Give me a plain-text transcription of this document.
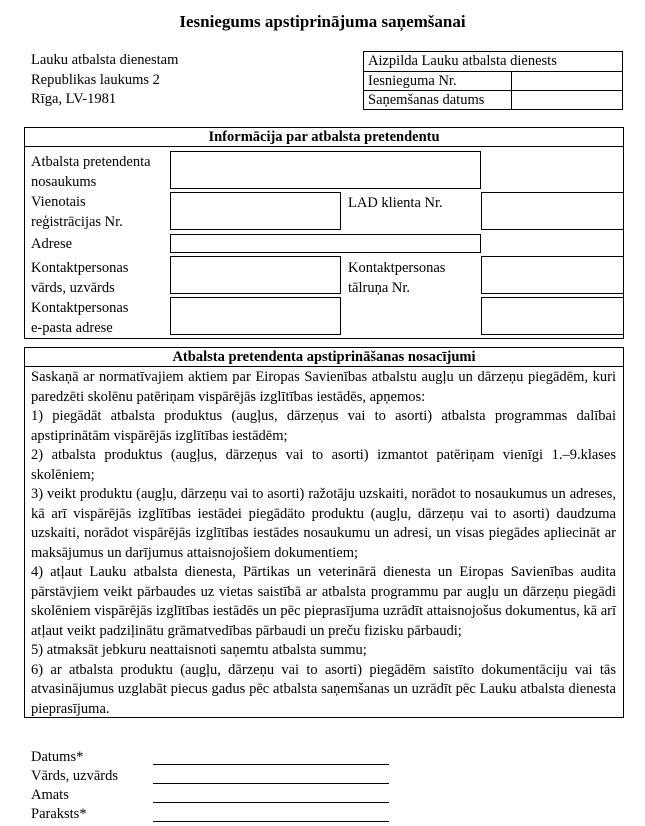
Iesniegums apstiprinājuma saņemšanai
Lauku atbalsta dienestam
Republikas laukums 2
Rīga, LV-1981
Aizpilda Lauku atbalsta dienests
Iesnieguma Nr.
Saņemšanas datums
Informācija par atbalsta pretendentu
Atbalsta pretendenta
nosaukums
Vienotais
reģistrācijas Nr.
LAD klienta Nr.
Adrese
Kontaktpersonas
vārds, uzvārds
Kontaktpersonas
tālruņa Nr.
Kontaktpersonas
e-pasta adrese
Atbalsta pretendenta apstiprināšanas nosacījumi

Saskaņā ar normatīvajiem aktiem par Eiropas Savienības atbalstu augļu un dārzeņu piegādēm, kuri paredzēti skolēnu patēriņam vispārējās izglītības iestādēs, apņemos:

1) piegādāt atbalsta produktus (augļus, dārzeņus vai to asorti) atbalsta programmas dalībai apstiprinātām vispārējās izglītības iestādēm;

2) atbalsta produktus (augļus, dārzeņus vai to asorti) izmantot patēriņam vienīgi 1.–9.klases skolēniem;

3) veikt produktu (augļu, dārzeņu vai to asorti) ražotāju uzskaiti, norādot to nosaukumus un adreses, kā arī vispārējās izglītības iestādei piegādāto produktu (augļu, dārzeņu vai to asorti) daudzuma uzskaiti, norādot vispārējās izglītības iestādes nosaukumu un adresi, un visas piegādes apliecināt ar maksājumus un darījumus attaisnojošiem dokumentiem;

4) atļaut Lauku atbalsta dienesta, Pārtikas un veterinārā dienesta un Eiropas Savienības audita pārstāvjiem veikt pārbaudes uz vietas saistībā ar atbalsta programmu par augļu un dārzeņu piegādi skolēniem vispārējās izglītības iestādēs un pēc pieprasījuma uzrādīt attaisnojošus dokumentus, kā arī atļaut veikt padziļinātu grāmatvedības pārbaudi un preču fizisku pārbaudi;

5) atmaksāt jebkuru neattaisnoti saņemtu atbalsta summu;

6) ar atbalsta produktu (augļu, dārzeņu vai to asorti) piegādēm saistīto dokumentāciju vai tās atvasinājumus uzglabāt piecus gadus pēc atbalsta saņemšanas un uzrādīt pēc Lauku atbalsta dienesta pieprasījuma.

Datums*
Vārds, uzvārds
Amats
Paraksts*
